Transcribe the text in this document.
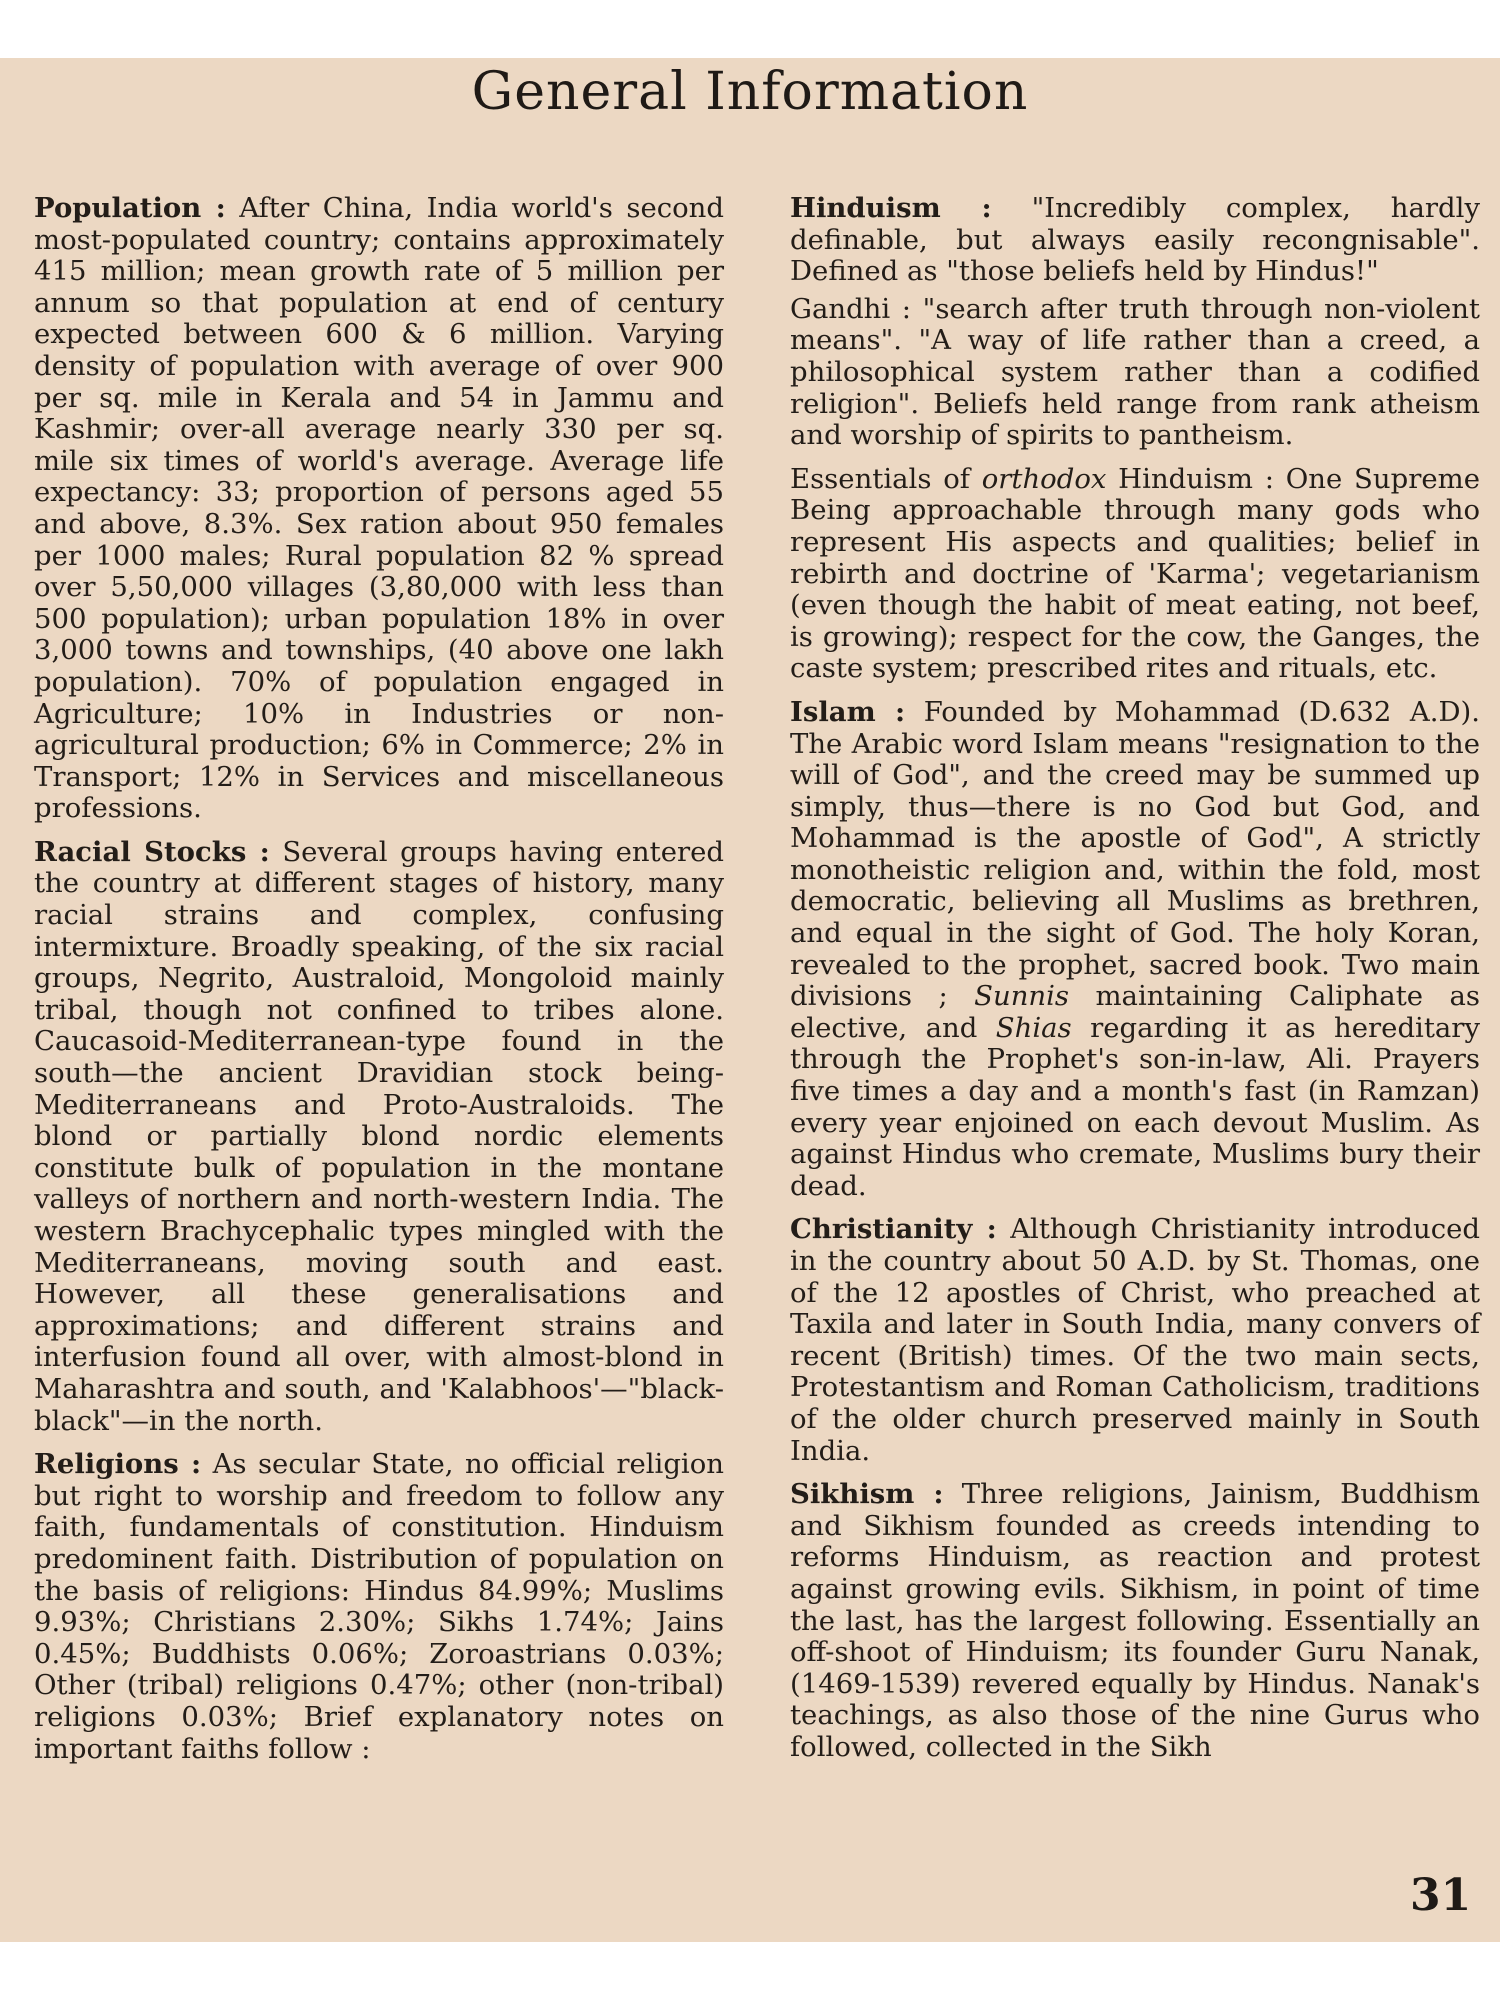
General Information

Population : After China, India world's second most-populated country; contains approximately 415 million; mean growth rate of 5 million per annum so that population at end of century expected between 600 & 6 million. Varying density of population with average of over 900 per sq. mile in Kerala and 54 in Jammu and Kashmir; over-all average nearly 330 per sq. mile six times of world's average. Average life expectancy: 33; proportion of persons aged 55 and above, 8.3%. Sex ration about 950 females per 1000 males; Rural population 82 % spread over 5,50,000 villages (3,80,000 with less than 500 population); urban population 18% in over 3,000 towns and townships, (40 above one lakh population). 70% of population engaged in Agriculture; 10% in Industries or non-agricultural production; 6% in Commerce; 2% in Transport; 12% in Services and miscellaneous professions.

Racial Stocks : Several groups having entered the country at different stages of history, many racial strains and complex, confusing intermixture. Broadly speaking, of the six racial groups, Negrito, Australoid, Mongoloid mainly tribal, though not confined to tribes alone. Caucasoid-Mediterranean-type found in the south—the ancient Dravidian stock being-Mediterraneans and Proto-Australoids. The blond or partially blond nordic elements constitute bulk of population in the montane valleys of northern and north-western India. The western Brachycephalic types mingled with the Mediterraneans, moving south and east. However, all these generalisations and approximations; and different strains and interfusion found all over, with almost-blond in Maharashtra and south, and 'Kalabhoos'—"black-black"—in the north.

Religions : As secular State, no official religion but right to worship and freedom to follow any faith, fundamentals of constitution. Hinduism predominent faith. Distribution of population on the basis of religions: Hindus 84.99%; Muslims 9.93%; Christians 2.30%; Sikhs 1.74%; Jains 0.45%; Buddhists 0.06%; Zoroastrians 0.03%; Other (tribal) religions 0.47%; other (non-tribal) religions 0.03%; Brief explanatory notes on important faiths follow :

Hinduism : "Incredibly complex, hardly definable, but always easily recongnisable". Defined as "those beliefs held by Hindus!"

Gandhi : "search after truth through non-violent means". "A way of life rather than a creed, a philosophical system rather than a codified religion". Beliefs held range from rank atheism and worship of spirits to pantheism.

Essentials of orthodox Hinduism : One Supreme Being approachable through many gods who represent His aspects and qualities; belief in rebirth and doctrine of 'Karma'; vegetarianism (even though the habit of meat eating, not beef, is growing); respect for the cow, the Ganges, the caste system; prescribed rites and rituals, etc.

Islam : Founded by Mohammad (D.632 A.D). The Arabic word Islam means "resignation to the will of God", and the creed may be summed up simply, thus—there is no God but God, and Mohammad is the apostle of God", A strictly monotheistic religion and, within the fold, most democratic, believing all Muslims as brethren, and equal in the sight of God. The holy Koran, revealed to the prophet, sacred book. Two main divisions ; Sunnis maintaining Caliphate as elective, and Shias regarding it as hereditary through the Prophet's son-in-law, Ali. Prayers five times a day and a month's fast (in Ramzan) every year enjoined on each devout Muslim. As against Hindus who cremate, Muslims bury their dead.

Christianity : Although Christianity introduced in the country about 50 A.D. by St. Thomas, one of the 12 apostles of Christ, who preached at Taxila and later in South India, many convers of recent (British) times. Of the two main sects, Protestantism and Roman Catholicism, traditions of the older church preserved mainly in South India.

Sikhism : Three religions, Jainism, Buddhism and Sikhism founded as creeds intending to reforms Hinduism, as reaction and protest against growing evils. Sikhism, in point of time the last, has the largest following. Essentially an off-shoot of Hinduism; its founder Guru Nanak, (1469-1539) revered equally by Hindus. Nanak's teachings, as also those of the nine Gurus who followed, collected in the Sikh

31
